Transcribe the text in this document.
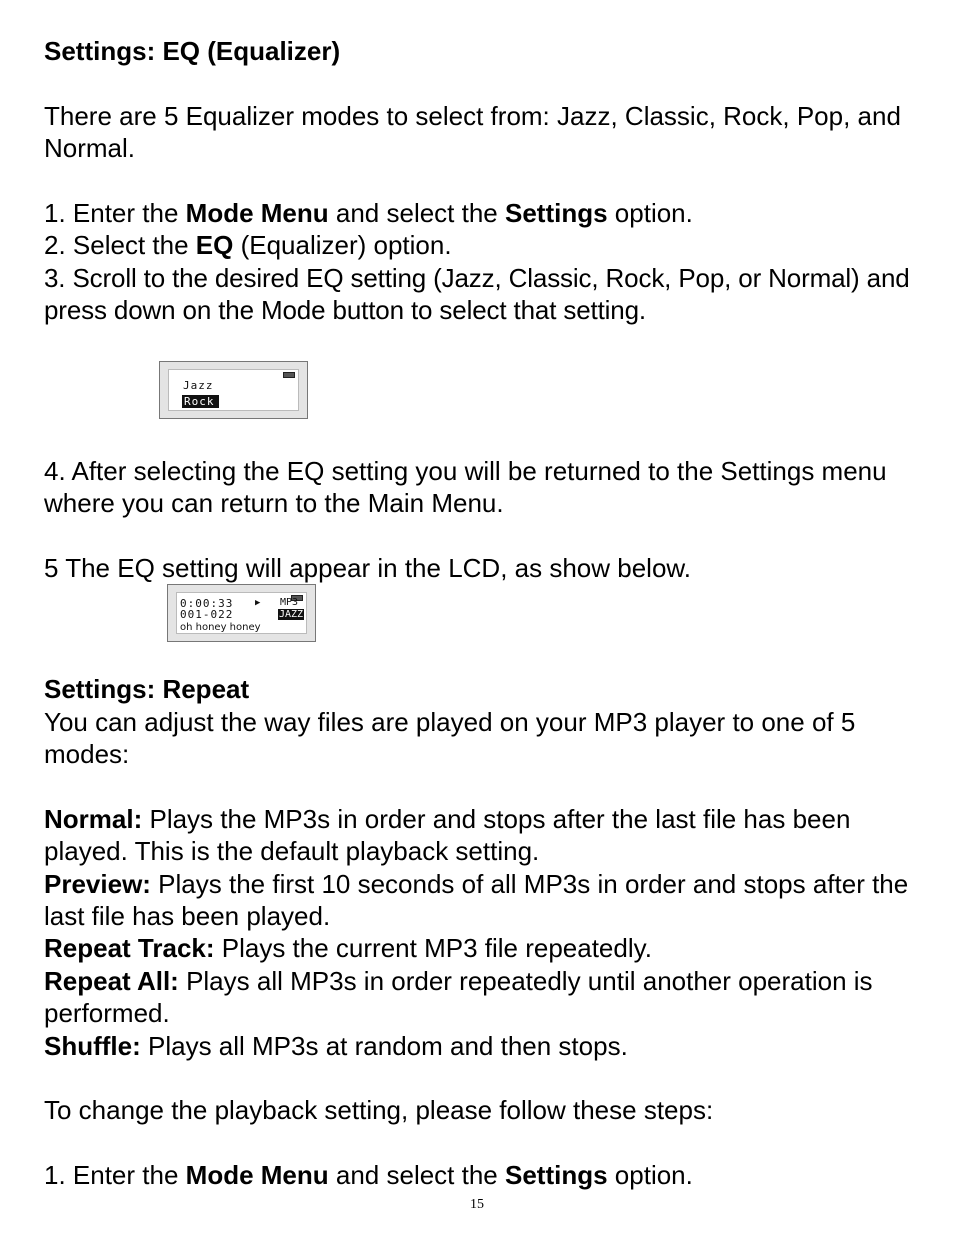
Settings: EQ (Equalizer)

There are 5 Equalizer modes to select from: Jazz, Classic, Rock, Pop, and Normal.

1. Enter the Mode Menu and select the Settings option.

2. Select the EQ (Equalizer) option.

3. Scroll to the desired EQ setting (Jazz, Classic, Rock, Pop, or Normal) and press down on the Mode button to select that setting.

Jazz
Rock

4. After selecting the EQ setting you will be returned to the Settings menu where you can return to the Main Menu.

5 The EQ setting will appear in the LCD, as show below.

0:00:33
001-022
oh honey honey
▶ MP3
JAZZ

Settings: Repeat

You can adjust the way files are played on your MP3 player to one of 5 modes:

Normal: Plays the MP3s in order and stops after the last file has been played. This is the default playback setting.

Preview: Plays the first 10 seconds of all MP3s in order and stops after the last file has been played.

Repeat Track: Plays the current MP3 file repeatedly.

Repeat All: Plays all MP3s in order repeatedly until another operation is performed.

Shuffle: Plays all MP3s at random and then stops.

To change the playback setting, please follow these steps:

1. Enter the Mode Menu and select the Settings option.

15
